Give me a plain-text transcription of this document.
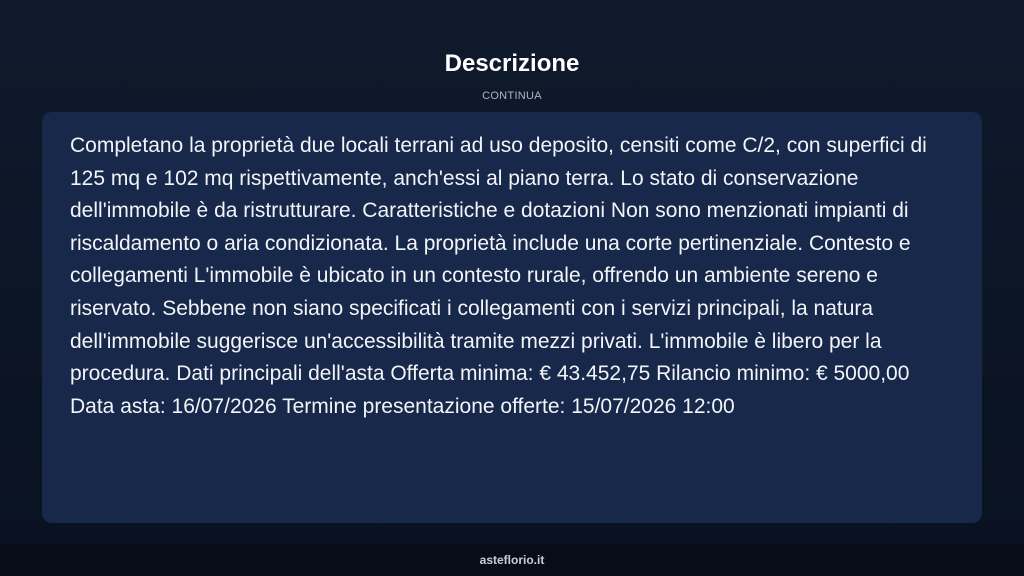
Descrizione
CONTINUA

Completano la proprietà due locali terrani ad uso deposito, censiti come C/2, con superfici di 125 mq e 102 mq rispettivamente, anch'essi al piano terra. Lo stato di conservazione dell'immobile è da ristrutturare. Caratteristiche e dotazioni Non sono menzionati impianti di riscaldamento o aria condizionata. La proprietà include una corte pertinenziale. Contesto e collegamenti L'immobile è ubicato in un contesto rurale, offrendo un ambiente sereno e riservato. Sebbene non siano specificati i collegamenti con i servizi principali, la natura dell'immobile suggerisce un'accessibilità tramite mezzi privati. L'immobile è libero per la procedura. Dati principali dell'asta Offerta minima: € 43.452,75 Rilancio minimo: € 5000,00 Data asta: 16/07/2026 Termine presentazione offerte: 15/07/2026 12:00

asteflorio.it
